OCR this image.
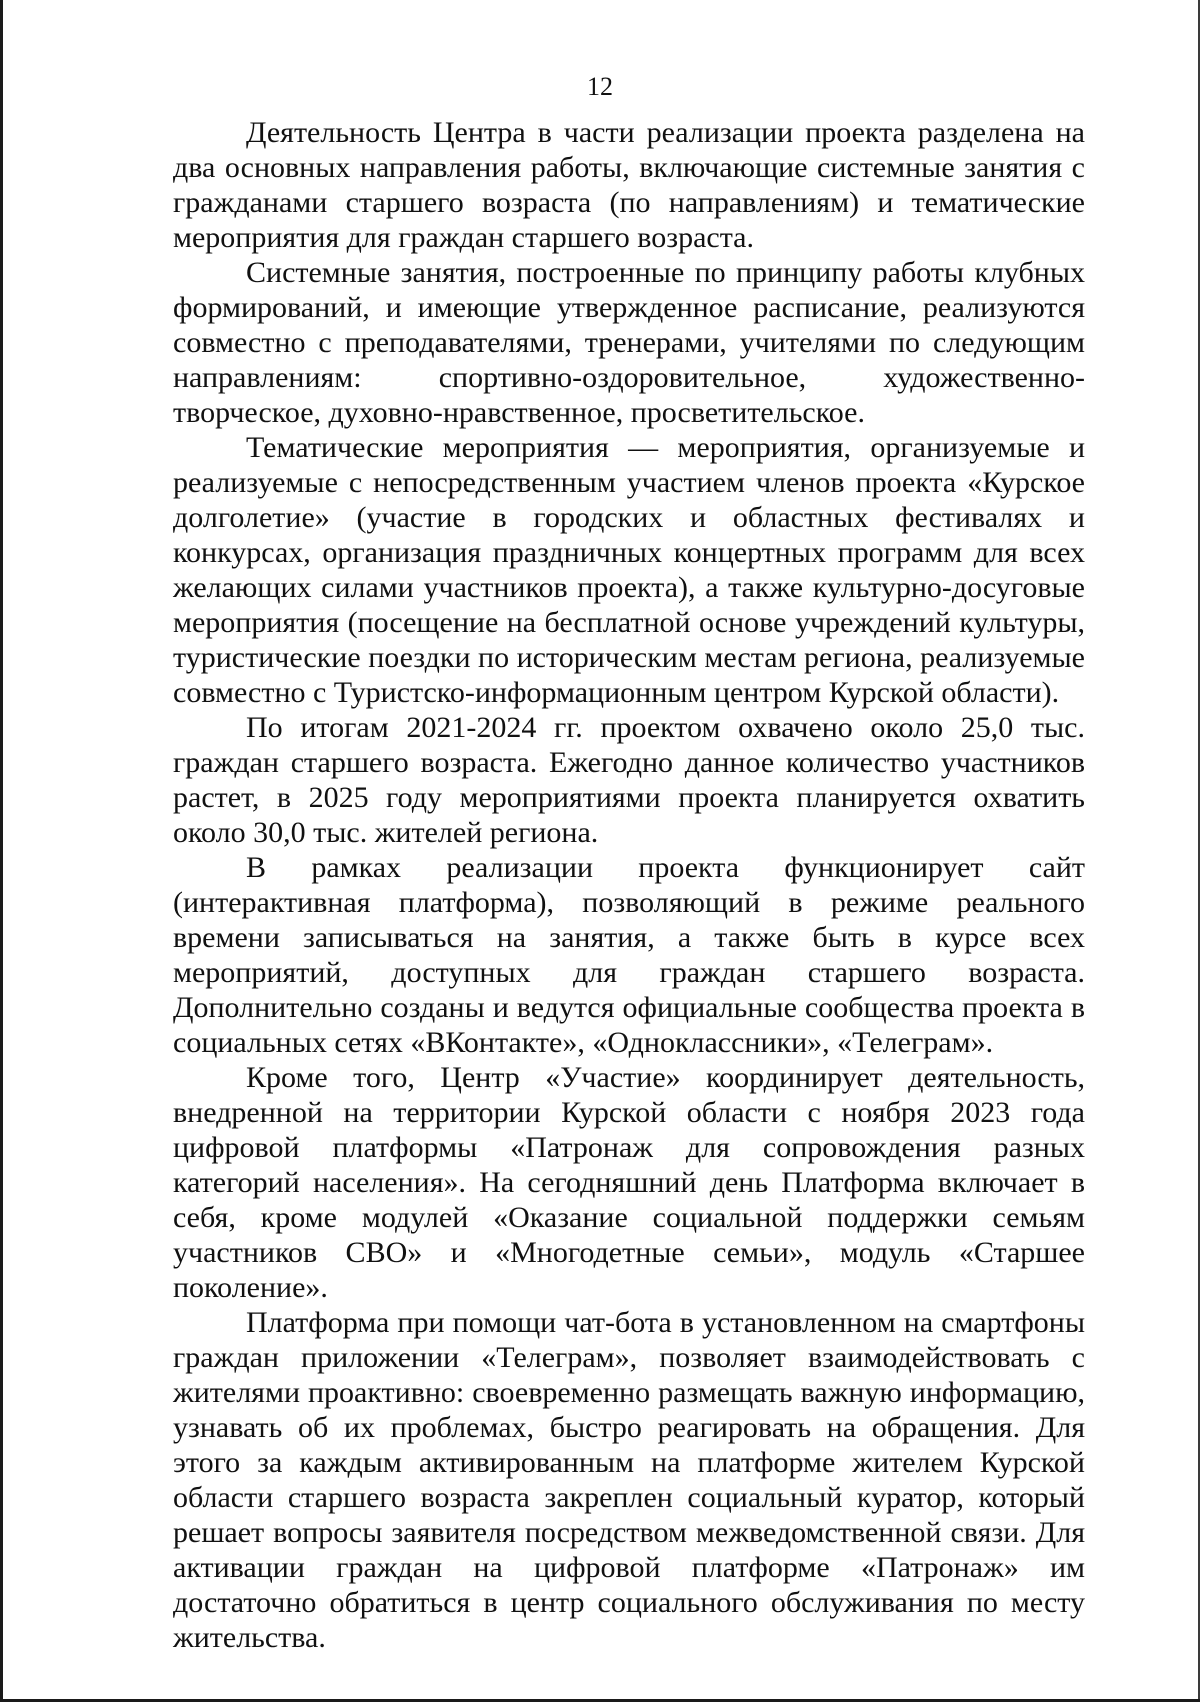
12

Деятельность Центра в части реализации проекта разделена на два основных направления работы, включающие системные занятия с гражданами старшего возраста (по направлениям) и тематические мероприятия для граждан старшего возраста.

Системные занятия, построенные по принципу работы клубных формирований, и имеющие утвержденное расписание, реализуются совместно с преподавателями, тренерами, учителями по следующим направлениям: спортивно-оздоровительное, художественно-творческое, духовно-нравственное, просветительское.

Тематические мероприятия — мероприятия, организуемые и реализуемые с непосредственным участием членов проекта «Курское долголетие» (участие в городских и областных фестивалях и конкурсах, организация праздничных концертных программ для всех желающих силами участников проекта), а также культурно-досуговые мероприятия (посещение на бесплатной основе учреждений культуры, туристические поездки по историческим местам региона, реализуемые совместно с Туристско-информационным центром Курской области).

По итогам 2021-2024 гг. проектом охвачено около 25,0 тыс. граждан старшего возраста. Ежегодно данное количество участников растет, в 2025 году мероприятиями проекта планируется охватить около 30,0 тыс. жителей региона.

В рамках реализации проекта функционирует сайт (интерактивная платформа), позволяющий в режиме реального времени записываться на занятия, а также быть в курсе всех мероприятий, доступных для граждан старшего возраста. Дополнительно созданы и ведутся официальные сообщества проекта в социальных сетях «ВКонтакте», «Одноклассники», «Телеграм».

Кроме того, Центр «Участие» координирует деятельность, внедренной на территории Курской области с ноября 2023 года цифровой платформы «Патронаж для сопровождения разных категорий населения». На сегодняшний день Платформа включает в себя, кроме модулей «Оказание социальной поддержки семьям участников СВО» и «Многодетные семьи», модуль «Старшее поколение».

Платформа при помощи чат-бота в установленном на смартфоны граждан приложении «Телеграм», позволяет взаимодействовать с жителями проактивно: своевременно размещать важную информацию, узнавать об их проблемах, быстро реагировать на обращения. Для этого за каждым активированным на платформе жителем Курской области старшего возраста закреплен социальный куратор, который решает вопросы заявителя посредством межведомственной связи. Для активации граждан на цифровой платформе «Патронаж» им достаточно обратиться в центр социального обслуживания по месту жительства.
